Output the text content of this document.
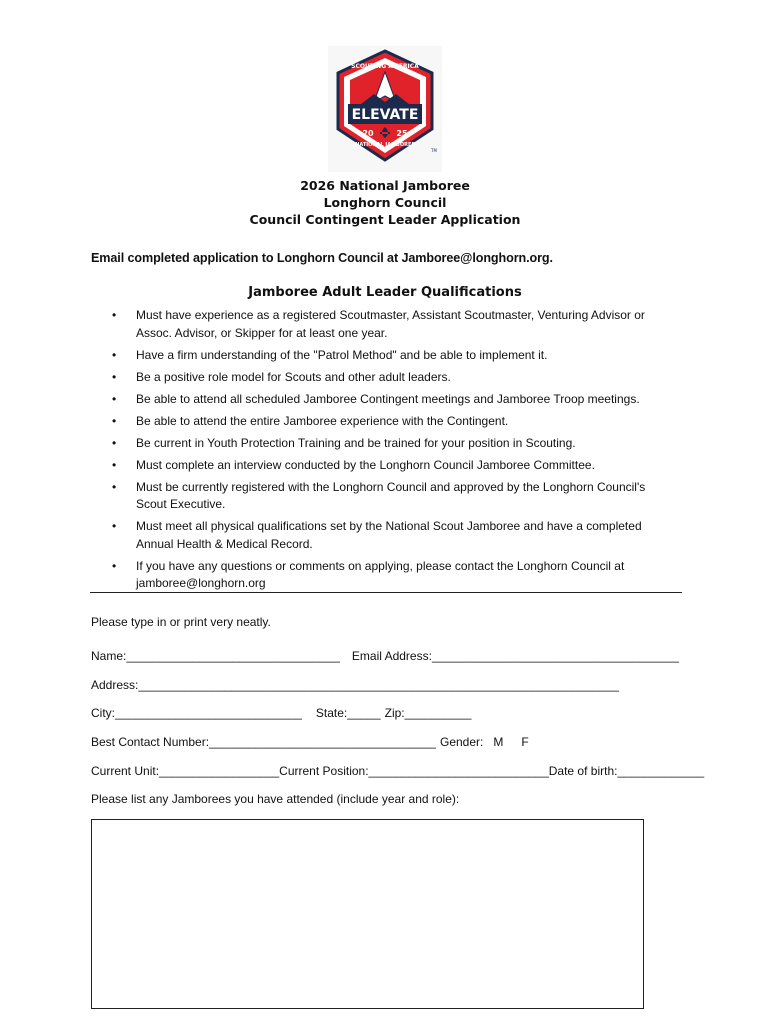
ELEVATE
SCOUTING AMERICA
20	25
NATIONAL JAMBOREE
TM
2026 National Jamboree
Longhorn Council
Council Contingent Leader Application
Email completed application to Longhorn Council at Jamboree@longhorn.org.
Jamboree Adult Leader Qualifications
• Must have experience as a registered Scoutmaster, Assistant Scoutmaster, Venturing Advisor or Assoc. Advisor, or Skipper for at least one year.
• Have a firm understanding of the "Patrol Method" and be able to implement it.
• Be a positive role model for Scouts and other adult leaders.
• Be able to attend all scheduled Jamboree Contingent meetings and Jamboree Troop meetings.
• Be able to attend the entire Jamboree experience with the Contingent.
• Be current in Youth Protection Training and be trained for your position in Scouting.
• Must complete an interview conducted by the Longhorn Council Jamboree Committee.
• Must be currently registered with the Longhorn Council and approved by the Longhorn Council's Scout Executive.
• Must meet all physical qualifications set by the National Scout Jamboree and have a completed Annual Health & Medical Record.
• If you have any questions or comments on applying, please contact the Longhorn Council at jamboree@longhorn.org
Please type in or print very neatly.
Name:________________________________ Email Address:_____________________________________
Address:________________________________________________________________________
City:____________________________ State:_____ Zip:__________
Best Contact Number:__________________________________ Gender: M F
Current Unit:__________________Current Position:___________________________Date of birth:_____________
Please list any Jamborees you have attended (include year and role):
